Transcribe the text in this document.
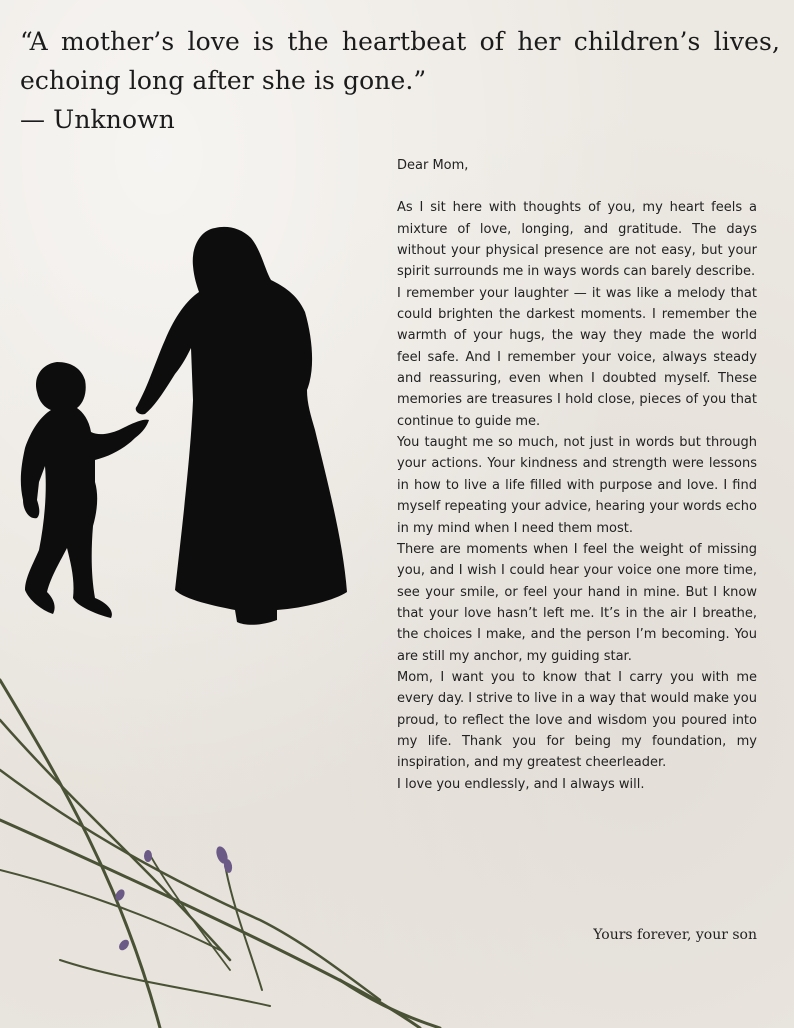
“A mother’s love is the heartbeat of her children’s lives,
echoing long after she is gone.”
— Unknown

Dear Mom,

As I sit here with thoughts of you, my heart feels a mixture of love, longing, and gratitude. The days without your physical presence are not easy, but your spirit surrounds me in ways words can barely describe.

I remember your laughter — it was like a melody that could brighten the darkest moments. I remember the warmth of your hugs, the way they made the world feel safe. And I remember your voice, always steady and reassuring, even when I doubted myself. These memories are treasures I hold close, pieces of you that continue to guide me.

You taught me so much, not just in words but through your actions. Your kindness and strength were lessons in how to live a life filled with purpose and love. I find myself repeating your advice, hearing your words echo in my mind when I need them most.

There are moments when I feel the weight of missing you, and I wish I could hear your voice one more time, see your smile, or feel your hand in mine. But I know that your love hasn’t left me. It’s in the air I breathe, the choices I make, and the person I’m becoming. You are still my anchor, my guiding star.

Mom, I want you to know that I carry you with me every day. I strive to live in a way that would make you proud, to reflect the love and wisdom you poured into my life. Thank you for being my foundation, my inspiration, and my greatest cheerleader.

I love you endlessly, and I always will.

Yours forever, your son
